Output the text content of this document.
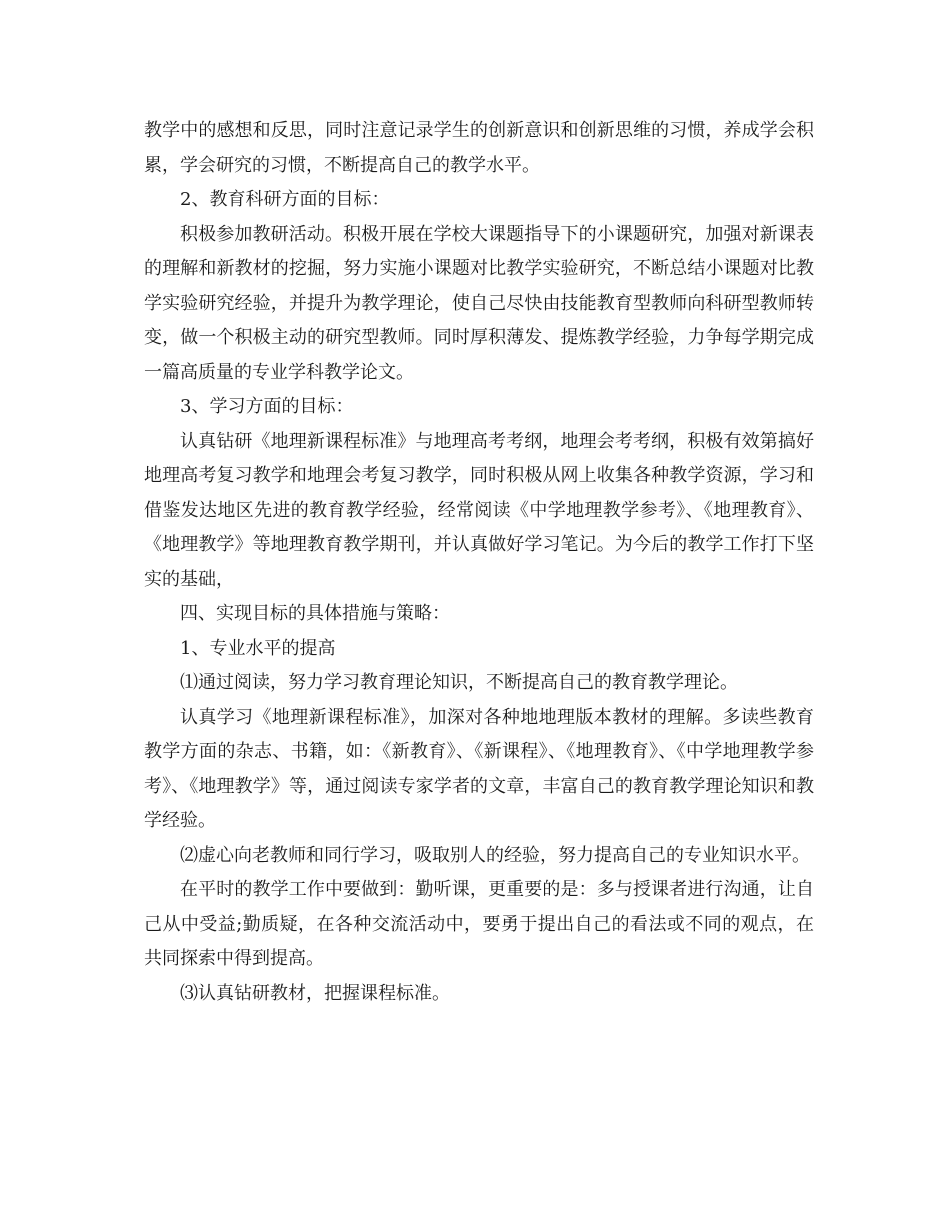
教学中的感想和反思，同时注意记录学生的创新意识和创新思维的习惯，养成学会积累，学会研究的习惯，不断提高自己的教学水平。

2、教育科研方面的目标：

积极参加教研活动。积极开展在学校大课题指导下的小课题研究，加强对新课表的理解和新教材的挖掘，努力实施小课题对比教学实验研究，不断总结小课题对比教学实验研究经验，并提升为教学理论，使自己尽快由技能教育型教师向科研型教师转变，做一个积极主动的研究型教师。同时厚积薄发、提炼教学经验，力争每学期完成一篇高质量的专业学科教学论文。

3、学习方面的目标：

认真钻研《地理新课程标准》与地理高考考纲，地理会考考纲，积极有效第搞好地理高考复习教学和地理会考复习教学，同时积极从网上收集各种教学资源，学习和借鉴发达地区先进的教育教学经验，经常阅读《中学地理教学参考》、《地理教育》、《地理教学》等地理教育教学期刊，并认真做好学习笔记。为今后的教学工作打下坚实的基础，

四、实现目标的具体措施与策略：

1、专业水平的提高

⑴通过阅读，努力学习教育理论知识，不断提高自己的教育教学理论。

认真学习《地理新课程标准》，加深对各种地地理版本教材的理解。多读些教育教学方面的杂志、书籍，如：《新教育》、《新课程》、《地理教育》、《中学地理教学参考》、《地理教学》等，通过阅读专家学者的文章，丰富自己的教育教学理论知识和教学经验。

⑵虚心向老教师和同行学习，吸取别人的经验，努力提高自己的专业知识水平。

在平时的教学工作中要做到：勤听课，更重要的是：多与授课者进行沟通，让自己从中受益;勤质疑，在各种交流活动中，要勇于提出自己的看法或不同的观点，在共同探索中得到提高。

⑶认真钻研教材，把握课程标准。
